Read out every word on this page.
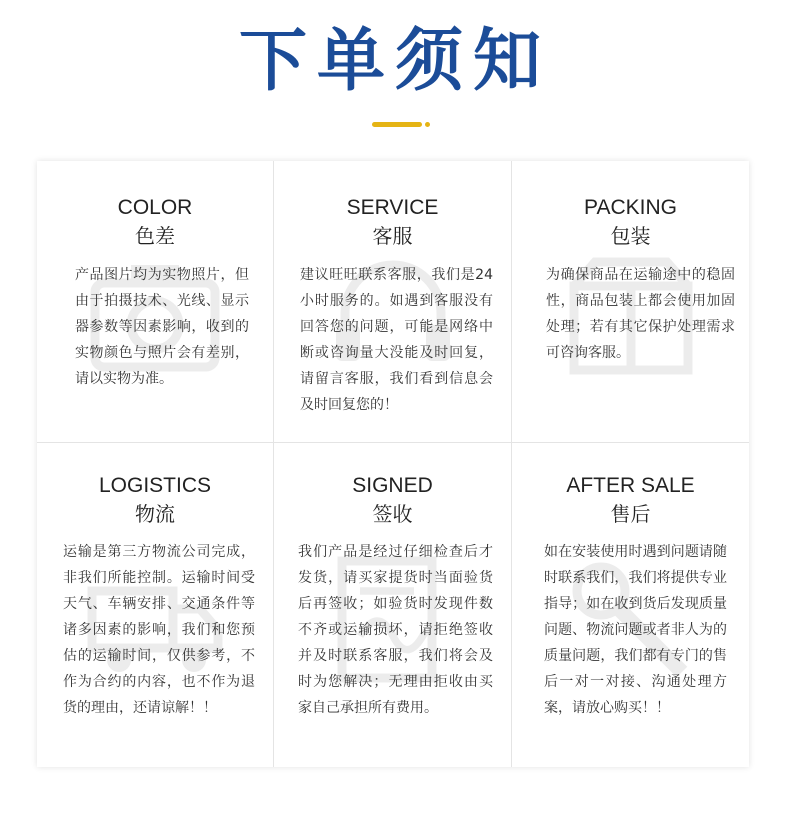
下单须知
COLOR
色差
产品图片均为实物照片，但由于拍摄技术、光线、显示器参数等因素影响，收到的实物颜色与照片会有差别，请以实物为准。
SERVICE
客服
建议旺旺联系客服，我们是24小时服务的。如遇到客服没有回答您的问题，可能是网络中断或咨询量大没能及时回复，请留言客服，我们看到信息会及时回复您的！
PACKING
包装
为确保商品在运输途中的稳固性，商品包装上都会使用加固处理；若有其它保护处理需求可咨询客服。
LOGISTICS
物流
运输是第三方物流公司完成，非我们所能控制。运输时间受天气、车辆安排、交通条件等诸多因素的影响，我们和您预估的运输时间，仅供参考，不作为合约的内容，也不作为退货的理由，还请谅解！！
SIGNED
签收
我们产品是经过仔细检查后才发货，请买家提货时当面验货后再签收；如验货时发现件数不齐或运输损坏，请拒绝签收并及时联系客服，我们将会及时为您解决；无理由拒收由买家自己承担所有费用。
AFTER SALE
售后
如在安装使用时遇到问题请随时联系我们，我们将提供专业指导；如在收到货后发现质量问题、物流问题或者非人为的质量问题，我们都有专门的售后一对一对接、沟通处理方案，请放心购买！！
